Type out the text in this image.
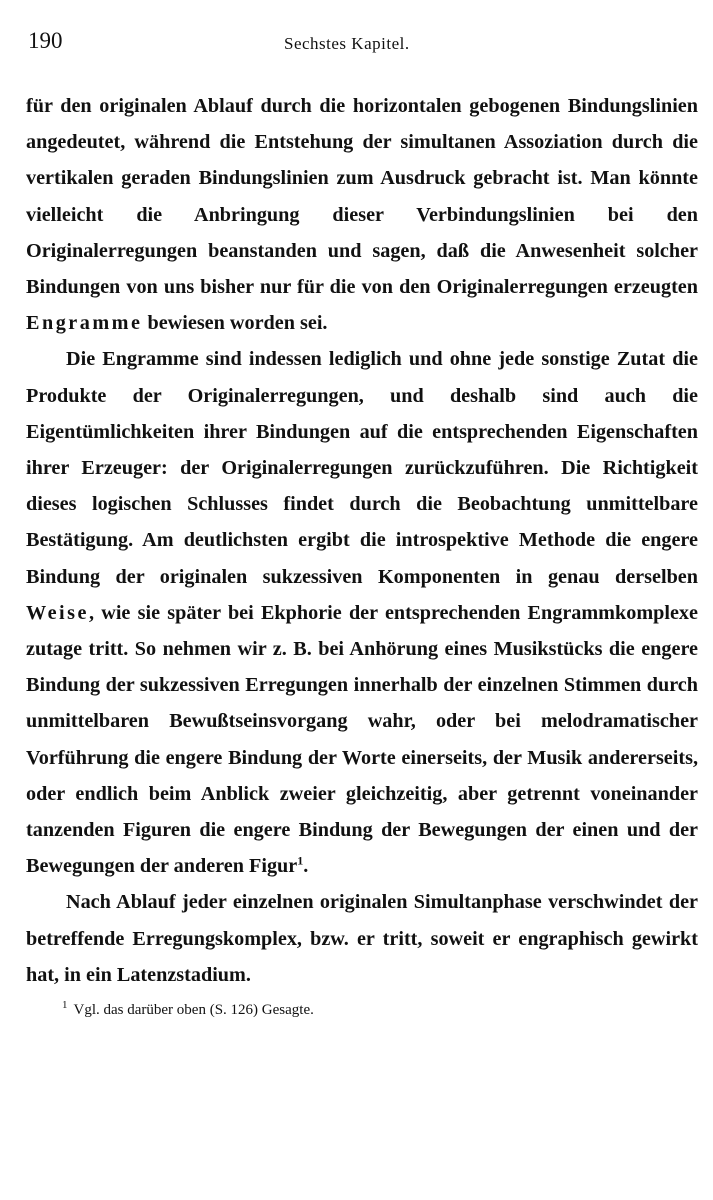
190	Sechstes Kapitel.

für den originalen Ablauf durch die horizontalen gebogenen Bindungslinien angedeutet, während die Entstehung der simultanen Assoziation durch die vertikalen geraden Bindungslinien zum Ausdruck gebracht ist. Man könnte vielleicht die Anbringung dieser Verbindungslinien bei den Originalerregungen beanstanden und sagen, daß die Anwesenheit solcher Bindungen von uns bisher nur für die von den Originalerregungen erzeugten Engramme bewiesen worden sei.

Die Engramme sind indessen lediglich und ohne jede sonstige Zutat die Produkte der Originalerregungen, und deshalb sind auch die Eigentümlichkeiten ihrer Bindungen auf die entsprechenden Eigenschaften ihrer Erzeuger: der Originalerregungen zurückzuführen. Die Richtigkeit dieses logischen Schlusses findet durch die Beobachtung unmittelbare Bestätigung. Am deutlichsten ergibt die introspektive Methode die engere Bindung der originalen sukzessiven Komponenten in genau derselben Weise, wie sie später bei Ekphorie der entsprechenden Engrammkomplexe zutage tritt. So nehmen wir z. B. bei Anhörung eines Musikstücks die engere Bindung der sukzessiven Erregungen innerhalb der einzelnen Stimmen durch unmittelbaren Bewußtseinsvorgang wahr, oder bei melodramatischer Vorführung die engere Bindung der Worte einerseits, der Musik andererseits, oder endlich beim Anblick zweier gleichzeitig, aber getrennt voneinander tanzenden Figuren die engere Bindung der Bewegungen der einen und der Bewegungen der anderen Figur$^1$.

Nach Ablauf jeder einzelnen originalen Simultanphase verschwindet der betreffende Erregungskomplex, bzw. er tritt, soweit er engraphisch gewirkt hat, in ein Latenzstadium.

$^1$ Vgl. das darüber oben (S. 126) Gesagte.
